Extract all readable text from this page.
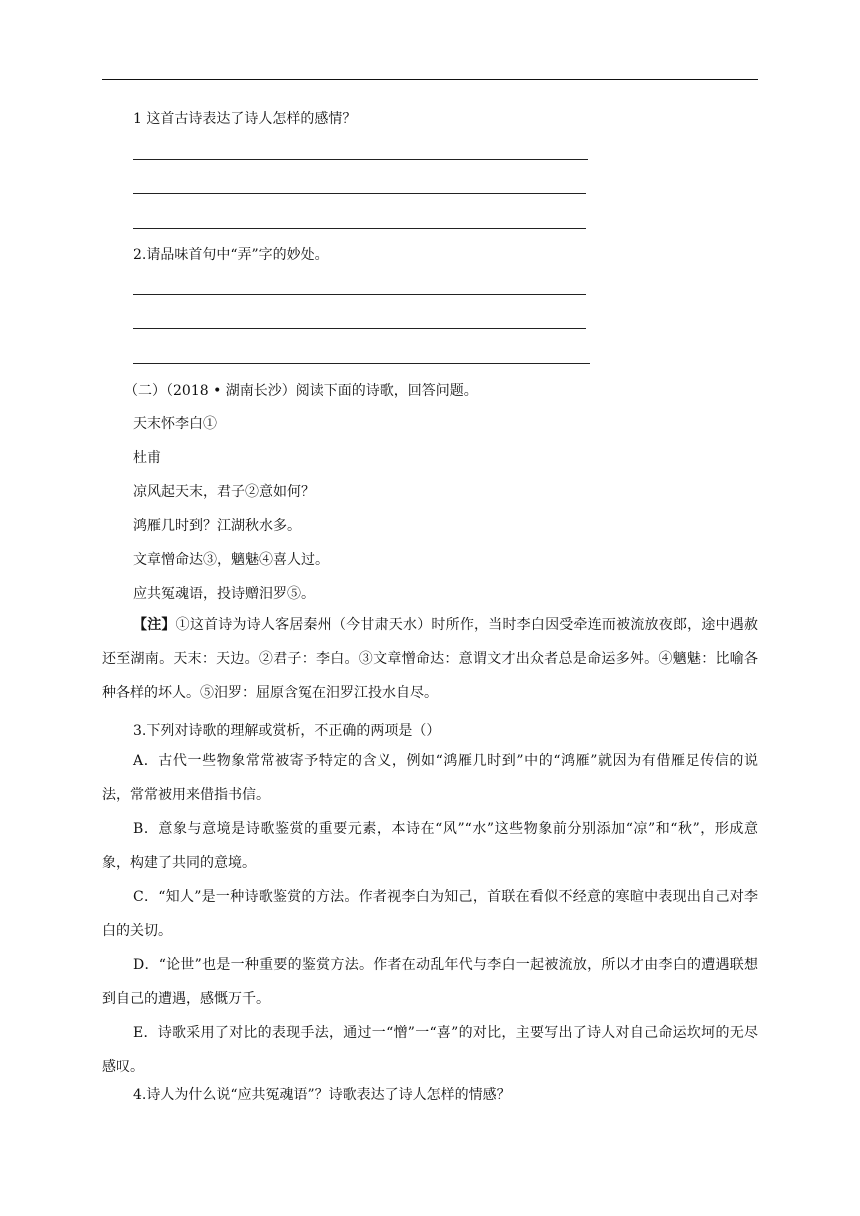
1 这首古诗表达了诗人怎样的感情？
2.请品味首句中“弄”字的妙处。
（二）（2018 • 湖南长沙）阅读下面的诗歌，回答问题。
天末怀李白①
杜甫
凉风起天末，君子②意如何？
鸿雁几时到？江湖秋水多。
文章憎命达③，魑魅④喜人过。
应共冤魂语，投诗赠汨罗⑤。

【注】①这首诗为诗人客居秦州（今甘肃天水）时所作，当时李白因受牵连而被流放夜郎，途中遇赦还至湖南。天末：天边。②君子：李白。③文章憎命达：意谓文才出众者总是命运多舛。④魑魅：比喻各种各样的坏人。⑤汨罗：屈原含冤在汨罗江投水自尽。

3.下列对诗歌的理解或赏析，不正确的两项是（）

A．古代一些物象常常被寄予特定的含义，例如“鸿雁几时到”中的“鸿雁”就因为有借雁足传信的说法，常常被用来借指书信。

B．意象与意境是诗歌鉴赏的重要元素，本诗在“风”“水”这些物象前分别添加“凉”和“秋”，形成意象，构建了共同的意境。

C．“知人”是一种诗歌鉴赏的方法。作者视李白为知己，首联在看似不经意的寒暄中表现出自己对李白的关切。

D．“论世”也是一种重要的鉴赏方法。作者在动乱年代与李白一起被流放，所以才由李白的遭遇联想到自己的遭遇，感慨万千。

E．诗歌采用了对比的表现手法，通过一“憎”一“喜”的对比，主要写出了诗人对自己命运坎坷的无尽感叹。

4.诗人为什么说“应共冤魂语”？诗歌表达了诗人怎样的情感？
